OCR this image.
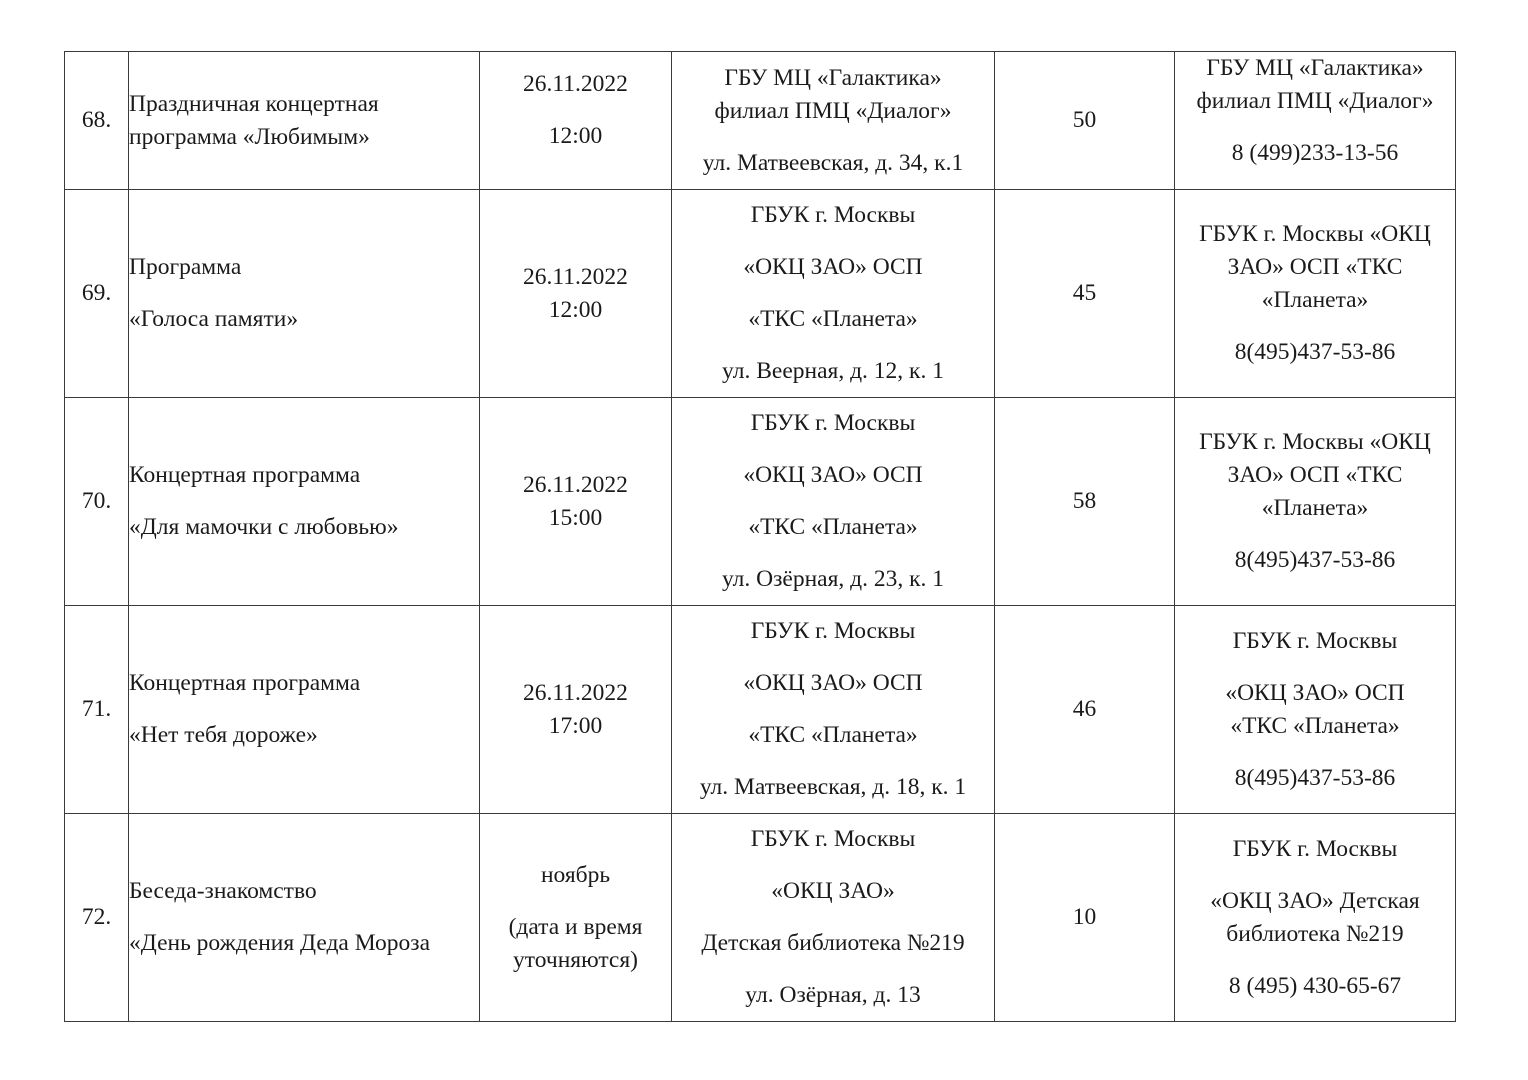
68.	Праздничная концертная
программа «Любимым»	26.11.2022
12:00	ГБУ МЦ «Галактика»
филиал ПМЦ «Диалог»
ул. Матвеевская, д. 34, к.1	50	ГБУ МЦ «Галактика»
филиал ПМЦ «Диалог»
8 (499)233-13-56

69.	Программа
«Голоса памяти»	26.11.2022
12:00	ГБУК г. Москвы
«ОКЦ ЗАО» ОСП
«ТКС «Планета»
ул. Веерная, д. 12, к. 1	45	ГБУК г. Москвы «ОКЦ
ЗАО» ОСП «ТКС
«Планета»
8(495)437-53-86

70.	Концертная программа
«Для мамочки с любовью»	26.11.2022
15:00	ГБУК г. Москвы
«ОКЦ ЗАО» ОСП
«ТКС «Планета»
ул. Озёрная, д. 23, к. 1	58	ГБУК г. Москвы «ОКЦ
ЗАО» ОСП «ТКС
«Планета»
8(495)437-53-86

71.	Концертная программа
«Нет тебя дороже»	26.11.2022
17:00	ГБУК г. Москвы
«ОКЦ ЗАО» ОСП
«ТКС «Планета»
ул. Матвеевская, д. 18, к. 1	46	ГБУК г. Москвы
«ОКЦ ЗАО» ОСП
«ТКС «Планета»
8(495)437-53-86

72.	Беседа-знакомство
«День рождения Деда Мороза	ноябрь
(дата и время
уточняются)	ГБУК г. Москвы
«ОКЦ ЗАО»
Детская библиотека №219
ул. Озёрная, д. 13	10	ГБУК г. Москвы
«ОКЦ ЗАО» Детская
библиотека №219
8 (495) 430-65-67
